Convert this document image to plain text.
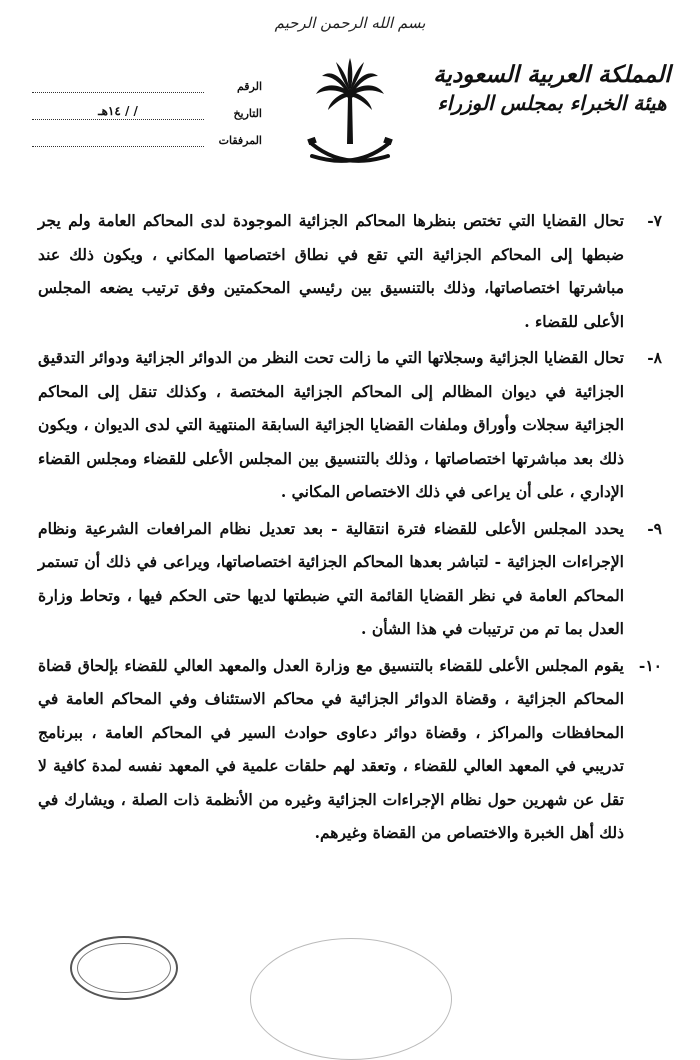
بسم الله الرحمن الرحيم
المملكة العربية السعودية
هيئة الخبراء بمجلس الوزراء
الرقم
التاريخ
/ / ١٤هـ
المرفقات
٧-

تحال القضايا التي تختص بنظرها المحاكم الجزائية الموجودة لدى المحاكم العامة ولم يجر ضبطها إلى المحاكم الجزائية التي تقع في نطاق اختصاصها المكاني ، ويكون ذلك عند مباشرتها اختصاصاتها، وذلك بالتنسيق بين رئيسي المحكمتين وفق ترتيب يضعه المجلس الأعلى للقضاء .

٨-

تحال القضايا الجزائية وسجلاتها التي ما زالت تحت النظر من الدوائر الجزائية ودوائر التدقيق الجزائية في ديوان المظالم إلى المحاكم الجزائية المختصة ، وكذلك تنقل إلى المحاكم الجزائية سجلات وأوراق وملفات القضايا الجزائية السابقة المنتهية التي لدى الديوان ، ويكون ذلك بعد مباشرتها اختصاصاتها ، وذلك بالتنسيق بين المجلس الأعلى للقضاء ومجلس القضاء الإداري ، على أن يراعى في ذلك الاختصاص المكاني .

٩-

يحدد المجلس الأعلى للقضاء فترة انتقالية - بعد تعديل نظام المرافعات الشرعية ونظام الإجراءات الجزائية - لتباشر بعدها المحاكم الجزائية اختصاصاتها، ويراعى في ذلك أن تستمر المحاكم العامة في نظر القضايا القائمة التي ضبطتها لديها حتى الحكم فيها ، وتحاط وزارة العدل بما تم من ترتيبات في هذا الشأن .

١٠-

يقوم المجلس الأعلى للقضاء بالتنسيق مع وزارة العدل والمعهد العالي للقضاء بإلحاق قضاة المحاكم الجزائية ، وقضاة الدوائر الجزائية في محاكم الاستئناف وفي المحاكم العامة في المحافظات والمراكز ، وقضاة دوائر دعاوى حوادث السير في المحاكم العامة ، ببرنامج تدريبي في المعهد العالي للقضاء ، وتعقد لهم حلقات علمية في المعهد نفسه لمدة كافية لا تقل عن شهرين حول نظام الإجراءات الجزائية وغيره من الأنظمة ذات الصلة ، ويشارك في ذلك أهل الخبرة والاختصاص من القضاة وغيرهم.
